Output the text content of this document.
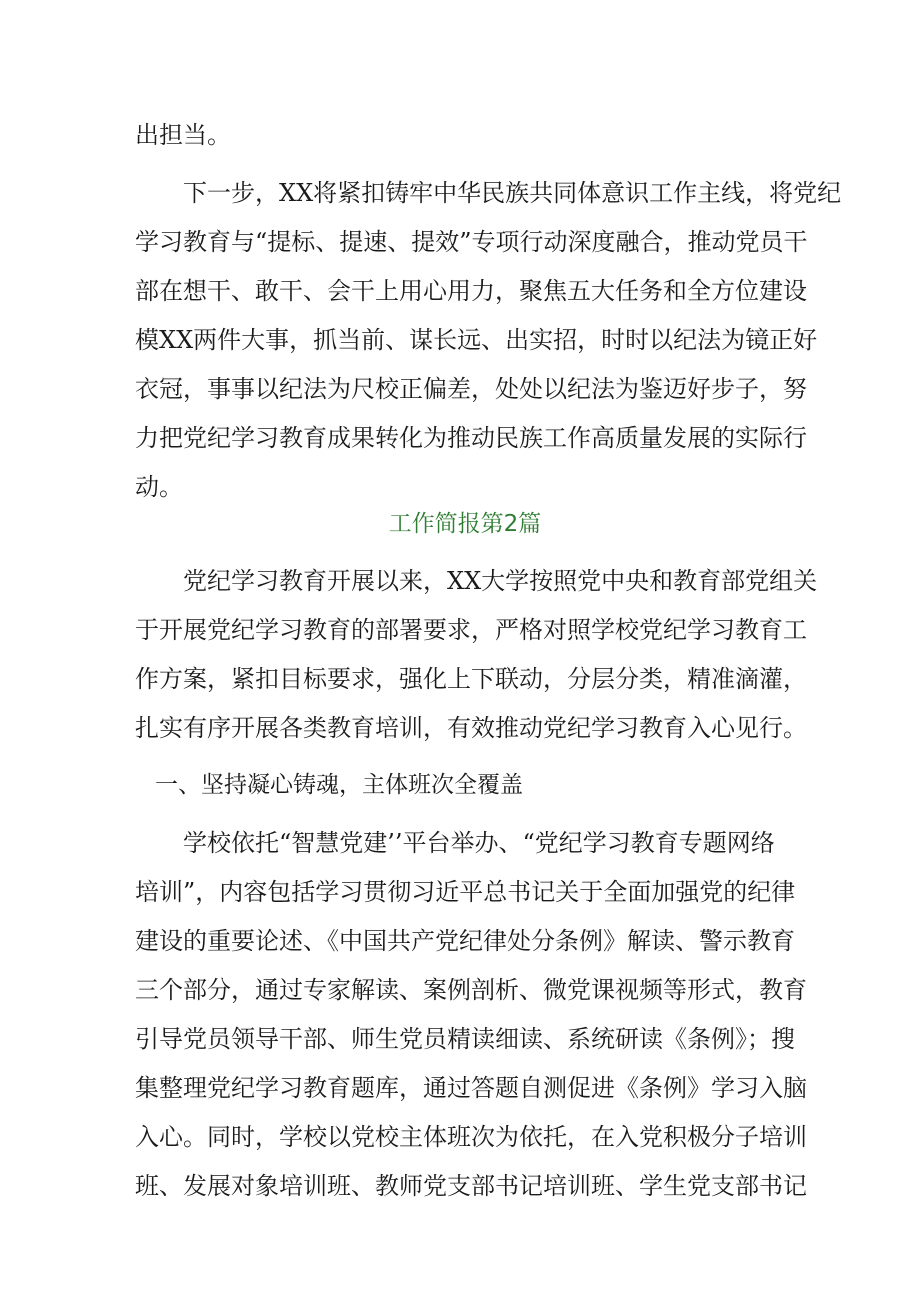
出担当。
下一步，XX将紧扣铸牢中华民族共同体意识工作主线，将党纪
学习教育与“提标、提速、提效”专项行动深度融合，推动党员干
部在想干、敢干、会干上用心用力，聚焦五大任务和全方位建设
模XX两件大事，抓当前、谋长远、出实招，时时以纪法为镜正好
衣冠，事事以纪法为尺校正偏差，处处以纪法为鉴迈好步子，努
力把党纪学习教育成果转化为推动民族工作高质量发展的实际行
动。
工作简报第2篇
党纪学习教育开展以来，XX大学按照党中央和教育部党组关
于开展党纪学习教育的部署要求，严格对照学校党纪学习教育工
作方案，紧扣目标要求，强化上下联动，分层分类，精准滴灌，
扎实有序开展各类教育培训，有效推动党纪学习教育入心见行。
一、坚持凝心铸魂，主体班次全覆盖
学校依托“智慧党建’’平台举办、“党纪学习教育专题网络
培训”，内容包括学习贯彻习近平总书记关于全面加强党的纪律
建设的重要论述、《中国共产党纪律处分条例》解读、警示教育
三个部分，通过专家解读、案例剖析、微党课视频等形式，教育
引导党员领导干部、师生党员精读细读、系统研读《条例》；搜
集整理党纪学习教育题库，通过答题自测促进《条例》学习入脑
入心。同时，学校以党校主体班次为依托，在入党积极分子培训
班、发展对象培训班、教师党支部书记培训班、学生党支部书记
